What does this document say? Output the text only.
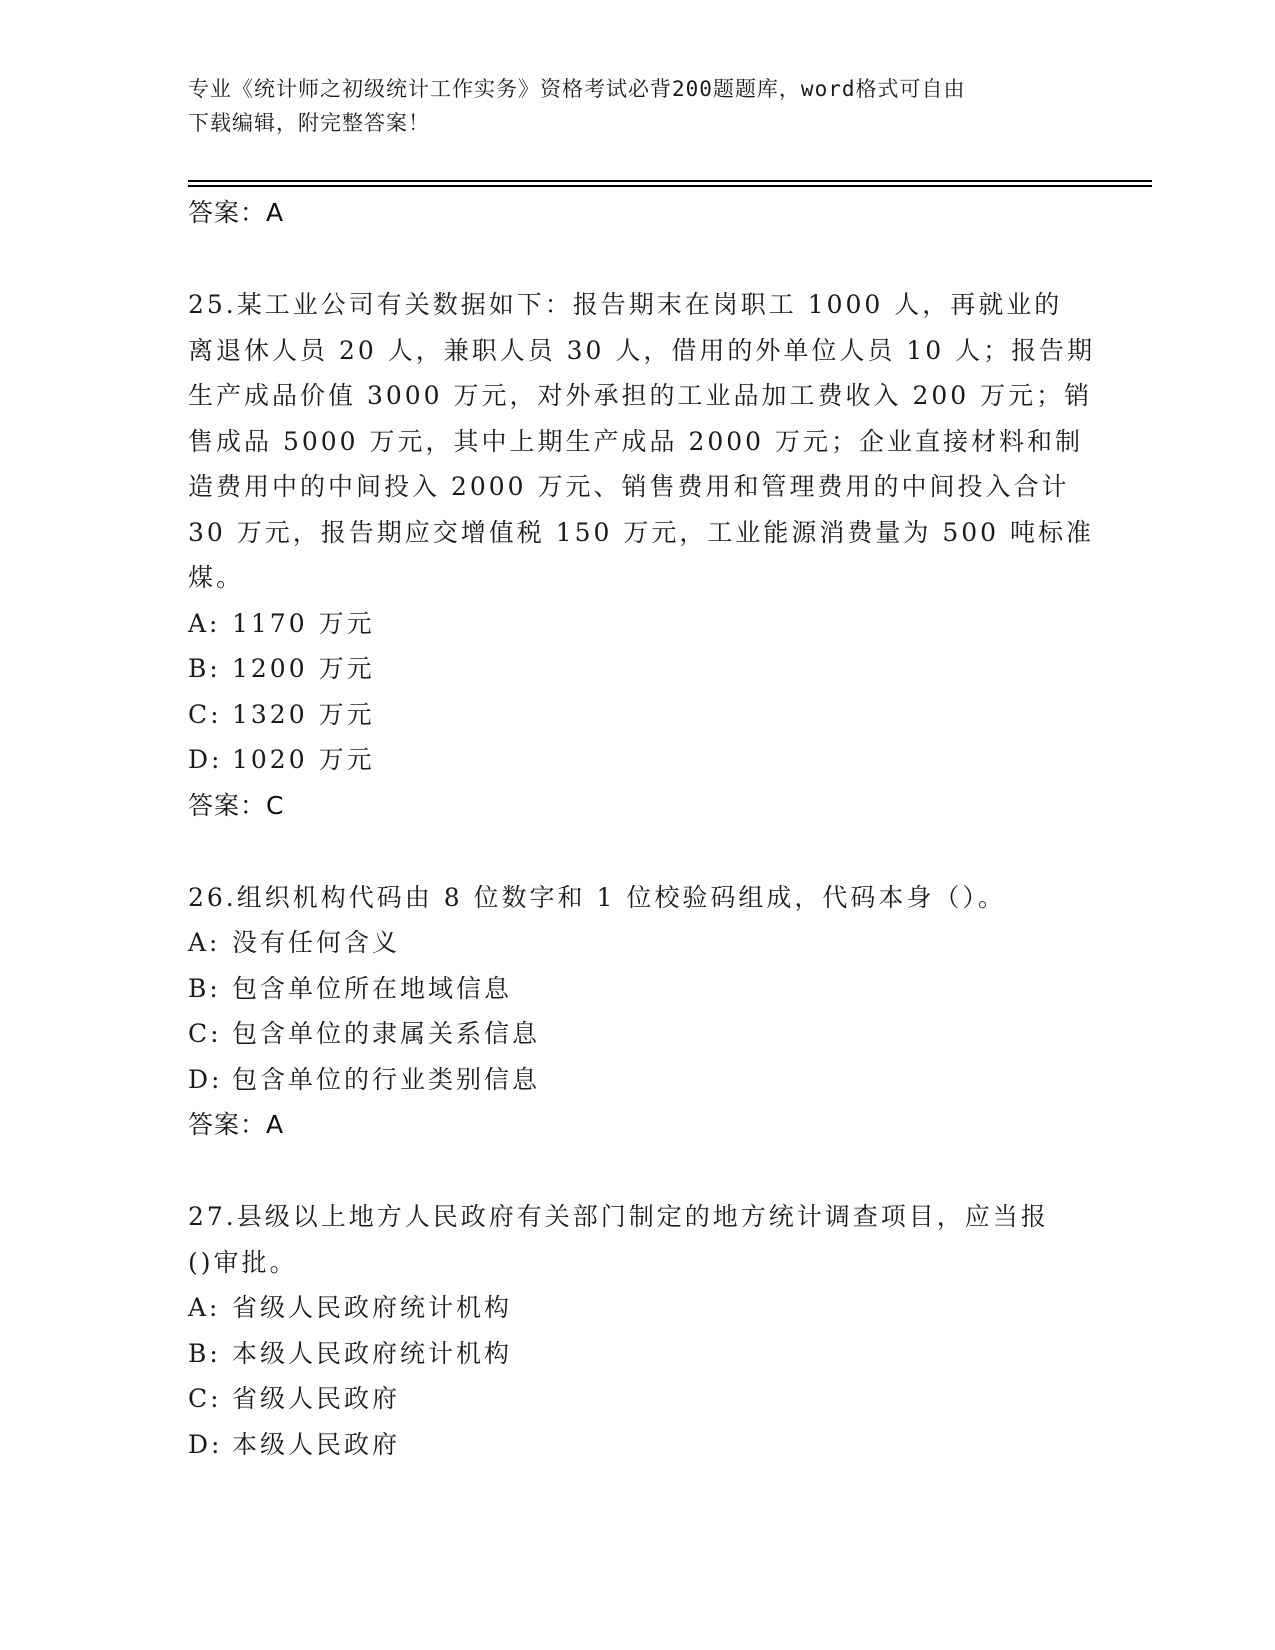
专业《统计师之初级统计工作实务》资格考试必背200题题库，word格式可自由
下载编辑，附完整答案！
答案：A
25.某工业公司有关数据如下：报告期末在岗职工 1000 人，再就业的
离退休人员 20 人，兼职人员 30 人，借用的外单位人员 10 人；报告期
生产成品价值 3000 万元，对外承担的工业品加工费收入 200 万元；销
售成品 5000 万元，其中上期生产成品 2000 万元；企业直接材料和制
造费用中的中间投入 2000 万元、销售费用和管理费用的中间投入合计
30 万元，报告期应交增值税 150 万元，工业能源消费量为 500 吨标准
煤。
A: 1170 万元
B: 1200 万元
C: 1320 万元
D: 1020 万元
答案：C
26.组织机构代码由 8 位数字和 1 位校验码组成，代码本身（）。
A: 没有任何含义
B: 包含单位所在地域信息
C: 包含单位的隶属关系信息
D: 包含单位的行业类别信息
答案：A
27.县级以上地方人民政府有关部门制定的地方统计调查项目，应当报
()审批。
A: 省级人民政府统计机构
B: 本级人民政府统计机构
C: 省级人民政府
D: 本级人民政府
